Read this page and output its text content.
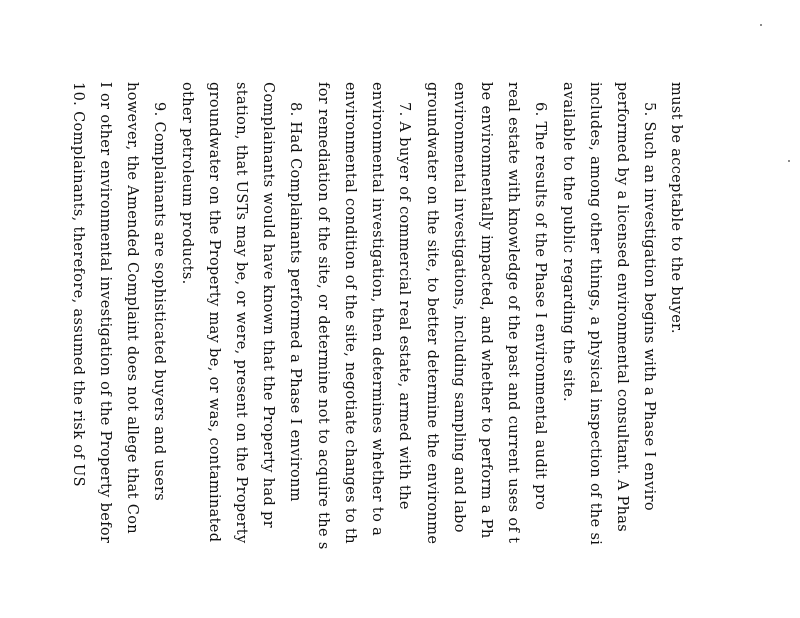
must be acceptable to the buyer.
5. Such an investigation begins with a Phase I enviro
performed by a licensed environmental consultant. A Phas
includes, among other things, a physical inspection of the si
available to the public regarding the site.
6. The results of the Phase I environmental audit pro
real estate with knowledge of the past and current uses of t
be environmentally impacted, and whether to perform a Ph
environmental investigations, including sampling and labo
groundwater on the site, to better determine the environme
7. A buyer of commercial real estate, armed with the
environmental investigation, then determines whether to a
environmental condition of the site, negotiate changes to th
for remediation of the site, or determine not to acquire the s
8. Had Complainants performed a Phase I environm
Complainants would have known that the Property had pr
station, that USTs may be, or were, present on the Property
groundwater on the Property may be, or was, contaminated
other petroleum products.
9. Complainants are sophisticated buyers and users
however, the Amended Complaint does not allege that Con
I or other environmental investigation of the Property befor
10. Complainants, therefore, assumed the risk of US
